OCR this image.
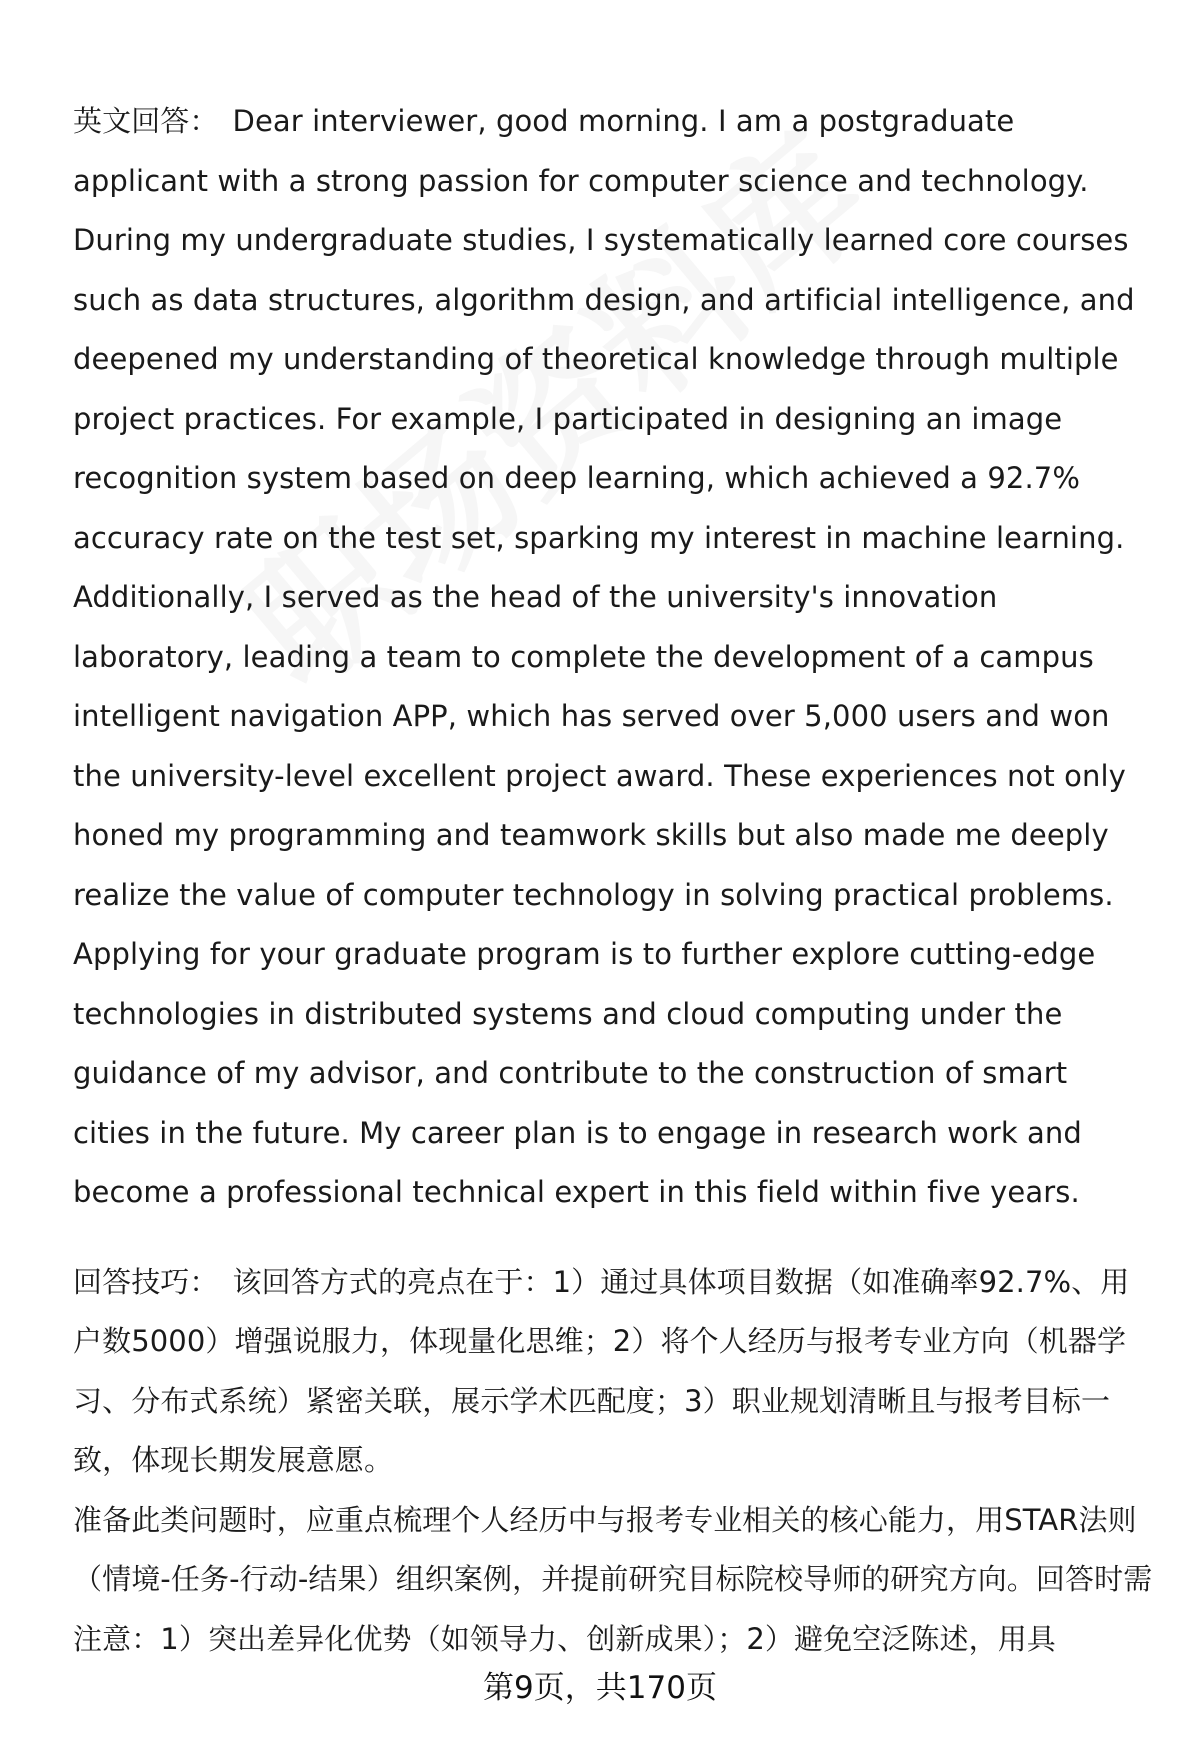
英文回答： Dear interviewer, good morning. I am a postgraduate applicant with a strong passion for computer science and technology. During my undergraduate studies, I systematically learned core courses such as data structures, algorithm design, and artificial intelligence, and deepened my understanding of theoretical knowledge through multiple project practices. For example, I participated in designing an image recognition system based on deep learning, which achieved a 92.7% accuracy rate on the test set, sparking my interest in machine learning. Additionally, I served as the head of the university's innovation laboratory, leading a team to complete the development of a campus intelligent navigation APP, which has served over 5,000 users and won the university-level excellent project award. These experiences not only honed my programming and teamwork skills but also made me deeply realize the value of computer technology in solving practical problems. Applying for your graduate program is to further explore cutting-edge technologies in distributed systems and cloud computing under the guidance of my advisor, and contribute to the construction of smart cities in the future. My career plan is to engage in research work and become a professional technical expert in this field within five years.

回答技巧： 该回答方式的亮点在于：1）通过具体项目数据（如准确率92.7%、用户数5000）增强说服力，体现量化思维；2）将个人经历与报考专业方向（机器学习、分布式系统）紧密关联，展示学术匹配度；3）职业规划清晰且与报考目标一致，体现长期发展意愿。

准备此类问题时，应重点梳理个人经历中与报考专业相关的核心能力，用STAR法则（情境-任务-行动-结果）组织案例，并提前研究目标院校导师的研究方向。回答时需注意：1）突出差异化优势（如领导力、创新成果）；2）避免空泛陈述，用具

第9页，共170页
